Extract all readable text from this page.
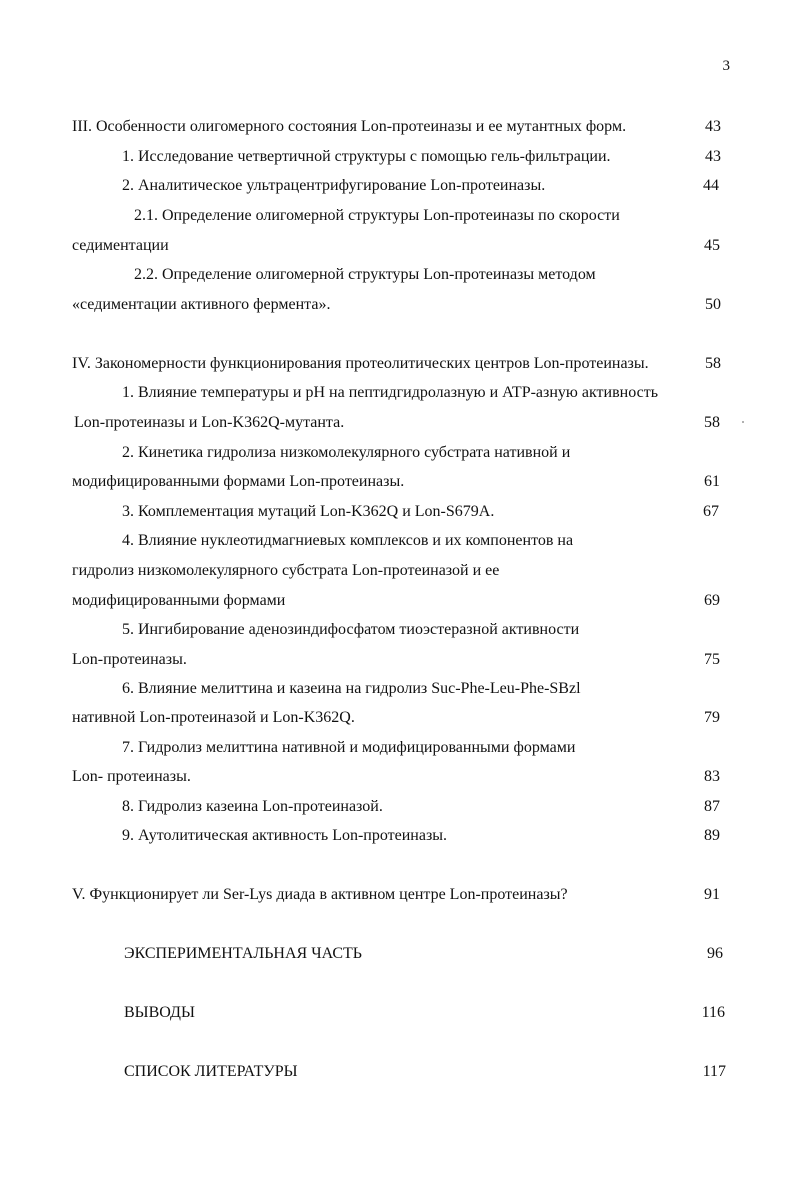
3
III. Особенности олигомерного состояния Lon-протеиназы и ее мутантных форм.	43
1. Исследование четвертичной структуры с помощью гель-фильтрации.	43
2. Аналитическое ультрацентрифугирование Lon-протеиназы.	44
2.1. Определение олигомерной структуры Lon-протеиназы по скорости
седиментации	45
2.2. Определение олигомерной структуры Lon-протеиназы методом
«седиментации активного фермента».	50
IV. Закономерности функционирования протеолитических центров Lon-протеиназы.	58
1. Влияние температуры и pH на пептидгидролазную и ATP-азную активность
Lon-протеиназы и Lon-K362Q-мутанта.	58
2. Кинетика гидролиза низкомолекулярного субстрата нативной и
модифицированными формами Lon-протеиназы.	61
3. Комплементация мутаций Lon-K362Q и Lon-S679A.	67
4. Влияние нуклеотидмагниевых комплексов и их компонентов на
гидролиз низкомолекулярного субстрата Lon-протеиназой и ее
модифицированными формами	69
5. Ингибирование аденозиндифосфатом тиоэстеразной активности
Lon-протеиназы.	75
6. Влияние мелиттина и казеина на гидролиз Suc-Phe-Leu-Phe-SBzl
нативной Lon-протеиназой и Lon-K362Q.	79
7. Гидролиз мелиттина нативной и модифицированными формами
Lon- протеиназы.	83
8. Гидролиз казеина Lon-протеиназой.	87
9. Аутолитическая активность Lon-протеиназы.	89
V. Функционирует ли Ser-Lys диада в активном центре Lon-протеиназы?	91
ЭКСПЕРИМЕНТАЛЬНАЯ ЧАСТЬ	96
ВЫВОДЫ	116
СПИСОК ЛИТЕРАТУРЫ	117
